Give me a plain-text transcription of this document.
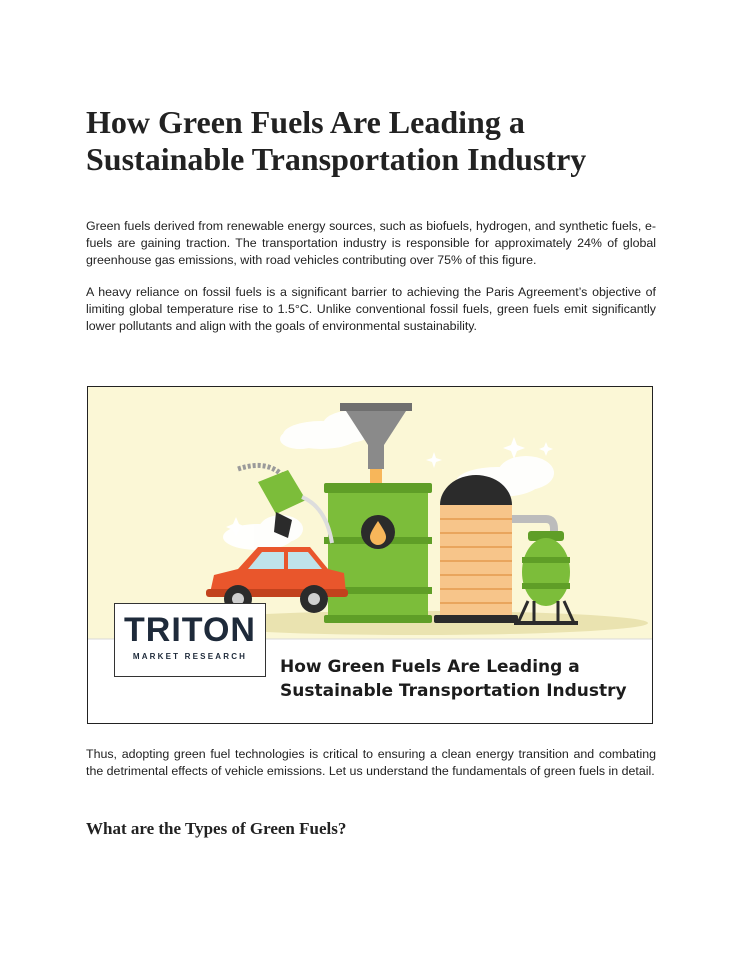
How Green Fuels Are Leading a Sustainable Transportation Industry

Green fuels derived from renewable energy sources, such as biofuels, hydrogen, and synthetic fuels, e-fuels are gaining traction. The transportation industry is responsible for approximately 24% of global greenhouse gas emissions, with road vehicles contributing over 75% of this figure.

A heavy reliance on fossil fuels is a significant barrier to achieving the Paris Agreement’s objective of limiting global temperature rise to 1.5°C. Unlike conventional fossil fuels, green fuels emit significantly lower pollutants and align with the goals of environmental sustainability.

TRITON
MARKET RESEARCH
How Green Fuels Are Leading a
Sustainable Transportation Industry

Thus, adopting green fuel technologies is critical to ensuring a clean energy transition and combating the detrimental effects of vehicle emissions. Let us understand the fundamentals of green fuels in detail.

What are the Types of Green Fuels?
